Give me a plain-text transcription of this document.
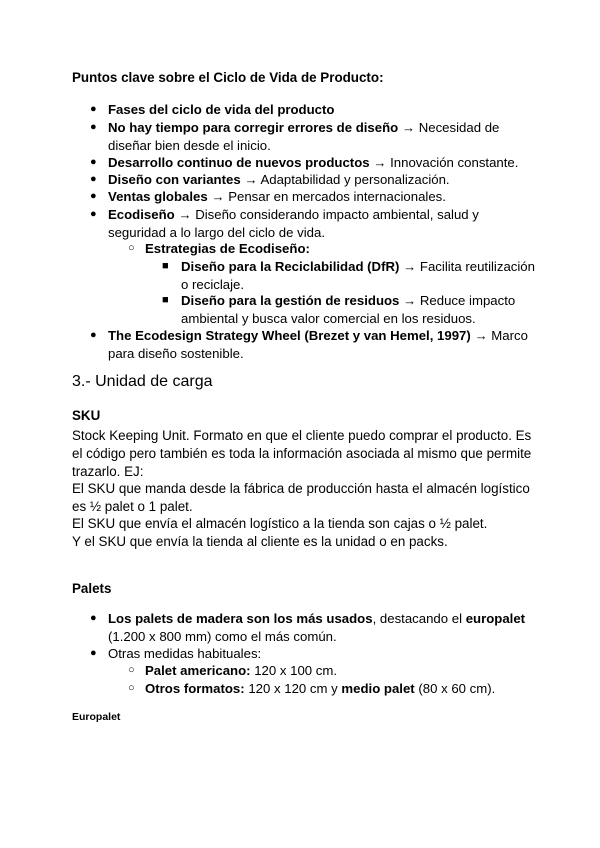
Puntos clave sobre el Ciclo de Vida de Producto:
● Fases del ciclo de vida del producto
● No hay tiempo para corregir errores de diseño → Necesidad de diseñar bien desde el inicio.
● Desarrollo continuo de nuevos productos → Innovación constante.
● Diseño con variantes → Adaptabilidad y personalización.
● Ventas globales → Pensar en mercados internacionales.
● Ecodiseño → Diseño considerando impacto ambiental, salud y seguridad a lo largo del ciclo de vida.
○ Estrategias de Ecodiseño:
■ Diseño para la Reciclabilidad (DfR) → Facilita reutilización o reciclaje.
■ Diseño para la gestión de residuos → Reduce impacto ambiental y busca valor comercial en los residuos.
● The Ecodesign Strategy Wheel (Brezet y van Hemel, 1997) → Marco para diseño sostenible.
3.- Unidad de carga
SKU
Stock Keeping Unit. Formato en que el cliente puedo comprar el producto. Es el código pero también es toda la información asociada al mismo que permite trazarlo. EJ:
El SKU que manda desde la fábrica de producción hasta el almacén logístico es ½ palet o 1 palet.
El SKU que envía el almacén logístico a la tienda son cajas o ½ palet.
Y el SKU que envía la tienda al cliente es la unidad o en packs.
Palets
● Los palets de madera son los más usados, destacando el europalet (1.200 x 800 mm) como el más común.
● Otras medidas habituales:
○ Palet americano: 120 x 100 cm.
○ Otros formatos: 120 x 120 cm y medio palet (80 x 60 cm).
Europalet
